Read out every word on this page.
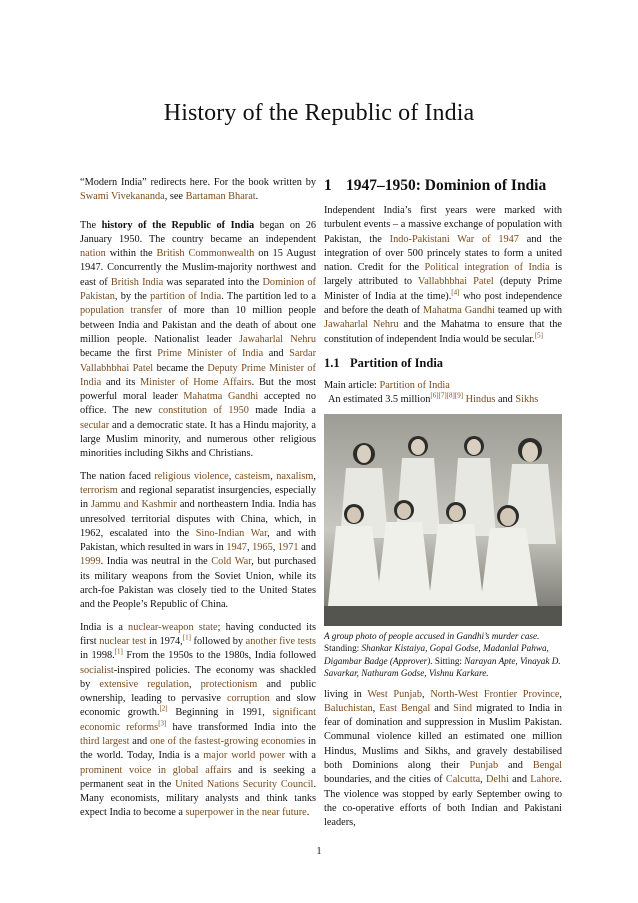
History of the Republic of India

“Modern India” redirects here. For the book written by Swami Vivekananda, see Bartaman Bharat.

The history of the Republic of India began on 26 January 1950. The country became an independent nation within the British Commonwealth on 15 August 1947. Concurrently the Muslim-majority northwest and east of British India was separated into the Dominion of Pakistan, by the partition of India. The partition led to a population transfer of more than 10 million people between India and Pakistan and the death of about one million people. Nationalist leader Jawaharlal Nehru became the first Prime Minister of India and Sardar Vallabhbhai Patel became the Deputy Prime Minister of India and its Minister of Home Affairs. But the most powerful moral leader Mahatma Gandhi accepted no office. The new constitution of 1950 made India a secular and a democratic state. It has a Hindu majority, a large Muslim minority, and numerous other religious minorities including Sikhs and Christians.

The nation faced religious violence, casteism, naxalism, terrorism and regional separatist insurgencies, especially in Jammu and Kashmir and northeastern India. India has unresolved territorial disputes with China, which, in 1962, escalated into the Sino-Indian War, and with Pakistan, which resulted in wars in 1947, 1965, 1971 and 1999. India was neutral in the Cold War, but purchased its military weapons from the Soviet Union, while its arch-foe Pakistan was closely tied to the United States and the People’s Republic of China.

India is a nuclear-weapon state; having conducted its first nuclear test in 1974,[1] followed by another five tests in 1998.[1] From the 1950s to the 1980s, India followed socialist-inspired policies. The economy was shackled by extensive regulation, protectionism and public ownership, leading to pervasive corruption and slow economic growth.[2] Beginning in 1991, significant economic reforms[3] have transformed India into the third largest and one of the fastest-growing economies in the world. Today, India is a major world power with a prominent voice in global affairs and is seeking a permanent seat in the United Nations Security Council. Many economists, military analysts and think tanks expect India to become a superpower in the near future.

1 1947–1950: Dominion of India

Independent India’s first years were marked with turbulent events – a massive exchange of population with Pakistan, the Indo-Pakistani War of 1947 and the integration of over 500 princely states to form a united nation. Credit for the Political integration of India is largely attributed to Vallabhbhai Patel (deputy Prime Minister of India at the time).[4] who post independence and before the death of Mahatma Gandhi teamed up with Jawaharlal Nehru and the Mahatma to ensure that the constitution of independent India would be secular.[5]

1.1 Partition of India
Main article: Partition of India
An estimated 3.5 million[6][7][8][9] Hindus and Sikhs
A group photo of people accused in Gandhi’s murder case. Standing: Shankar Kistaiya, Gopal Godse, Madanlal Pahwa, Digambar Badge (Approver). Sitting: Narayan Apte, Vinayak D. Savarkar, Nathuram Godse, Vishnu Karkare.

living in West Punjab, North-West Frontier Province, Baluchistan, East Bengal and Sind migrated to India in fear of domination and suppression in Muslim Pakistan. Communal violence killed an estimated one million Hindus, Muslims and Sikhs, and gravely destabilised both Dominions along their Punjab and Bengal boundaries, and the cities of Calcutta, Delhi and Lahore. The violence was stopped by early September owing to the co-operative efforts of both Indian and Pakistani leaders,

1
